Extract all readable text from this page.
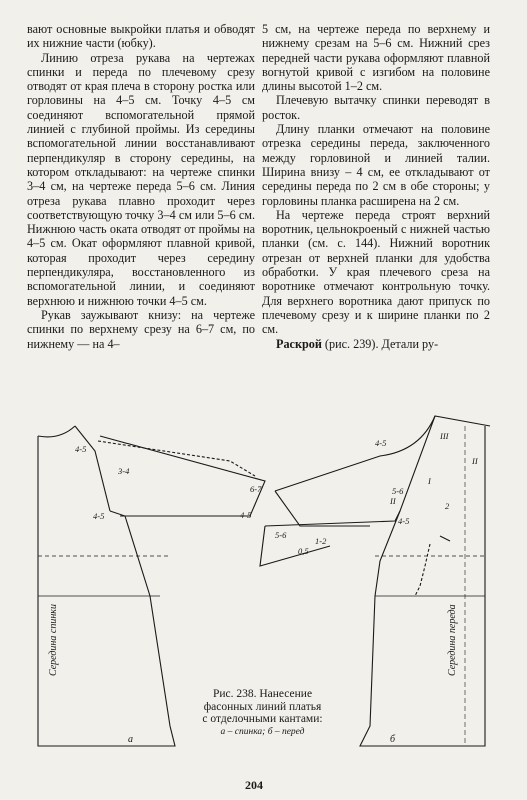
вают основные выкройки платья и обводят их нижние части (юбку).

Линию отреза рукава на чертежах спинки и переда по плечевому срезу отводят от края плеча в сторону ростка или горловины на 4–5 см. Точку 4–5 см соединяют вспомогательной прямой линией с глубиной проймы. Из середины вспомогательной линии восстанавливают перпендикуляр в сторону середины, на котором откладывают: на чертеже спинки 3–4 см, на чертеже переда 5–6 см. Линия отреза рукава плавно проходит через соответствующую точку 3–4 см или 5–6 см. Нижнюю часть оката отводят от проймы на 4–5 см. Окат оформляют плавной кривой, которая проходит через середину перпендикуляра, восстановленного из вспомогательной линии, и соединяют верхнюю и нижнюю точки 4–5 см.

Рукав заужывают книзу: на чертеже спинки по верхнему срезу на 6–7 см, по нижнему — на 4–

5 см, на чертеже переда по верхнему и нижнему срезам на 5–6 см. Нижний срез передней части рукава оформляют плавной вогнутой кривой с изгибом на половине длины высотой 1–2 см.

Плечевую вытачку спинки переводят в росток.

Длину планки отмечают на половине отрезка середины переда, заключенного между горловиной и линией талии. Ширина внизу – 4 см, ее откладывают от середины переда по 2 см в обе стороны; у горловины планка расширена на 2 см.

На чертеже переда строят верхний воротник, цельнокроеный с нижней частью планки (см. с. 144). Нижний воротник отрезан от верхней планки для удобства обработки. У края плечевого среза на воротнике отмечают контрольную точку. Для верхнего воротника дают припуск по плечевому срезу и к ширине планки по 2 см.

Раскрой (рис. 239). Детали ру-

4-5
3-4
4-5
6-7
4-5
4-5
5-6
5-6
0,5
1-2
2
4-5
III
II
I
II
Середина спинки	Середина переда
а	б
Рис. 238. Нанесение
фасонных линий платья
с отделочными кантами:
а – спинка; б – перед
204
